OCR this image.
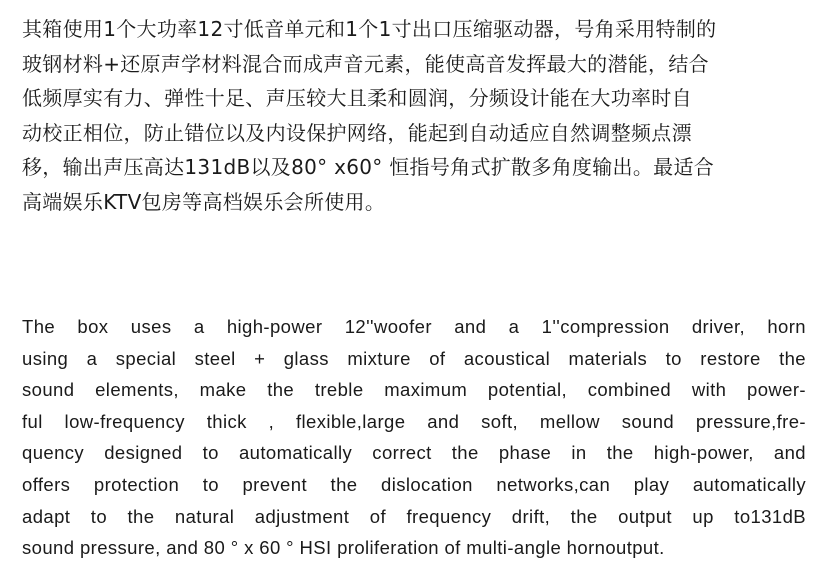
其箱使用1个大功率12寸低音单元和1个1寸出口压缩驱动器，号角采用特制的
玻钢材料+还原声学材料混合而成声音元素，能使高音发挥最大的潜能，结合
低频厚实有力、弹性十足、声压较大且柔和圆润，分频设计能在大功率时自
动校正相位，防止错位以及内设保护网络，能起到自动适应自然调整频点漂
移，输出声压高达131dB以及80° x60° 恒指号角式扩散多角度输出。最适合
高端娱乐KTV包房等高档娱乐会所使用。
The box uses a high-power 12''woofer and a 1''compression driver, horn
using a special steel + glass mixture of acoustical materials to restore the
sound elements, make the treble maximum potential, combined with power-
ful low-frequency thick , flexible,large and soft, mellow sound pressure,fre-
quency designed to automatically correct the phase in the high-power, and
offers protection to prevent the dislocation networks,can play automatically
adapt to the natural adjustment of frequency drift, the output up to131dB
sound pressure, and 80 ° x 60 ° HSI proliferation of multi-angle hornoutput.
